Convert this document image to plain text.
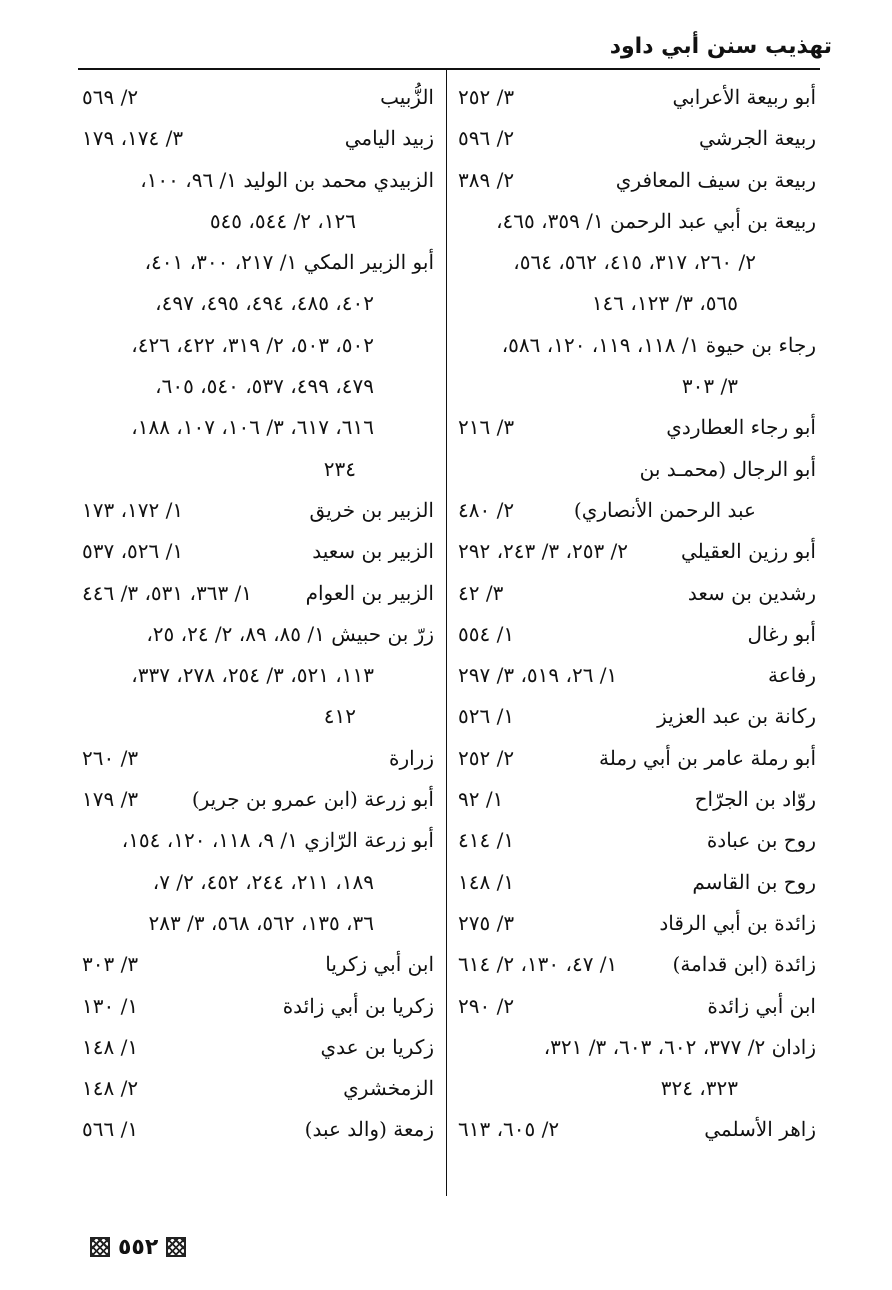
تهذيب سنن أبي داود
أبو ربيعة الأعرابي
٣/ ٢٥٢
ربيعة الجرشي
٢/ ٥٩٦
ربيعة بن سيف المعافري
٢/ ٣٨٩
ربيعة بن أبي عبد الرحمن ١/ ٣٥٩، ٤٦٥،
٢/ ٢٦٠، ٣١٧، ٤١٥، ٥٦٢، ٥٦٤،
٥٦٥، ٣/ ١٢٣، ١٤٦
رجاء بن حيوة ١/ ١١٨، ١١٩، ١٢٠، ٥٨٦،
٣/ ٣٠٣
أبو رجاء العطاردي
٣/ ٢١٦
أبو الرجال (محمـد بن
عبد الرحمن الأنصاري)
٢/ ٤٨٠
أبو رزين العقيلي
٢/ ٢٥٣، ٣/ ٢٤٣، ٢٩٢
رشدين بن سعد
٣/ ٤٢
أبو رغال
١/ ٥٥٤
رفاعة
١/ ٢٦، ٥١٩، ٣/ ٢٩٧
ركانة بن عبد العزيز
١/ ٥٢٦
أبو رملة عامر بن أبي رملة
٢/ ٢٥٢
روّاد بن الجرّاح
١/ ٩٢
روح بن عبادة
١/ ٤١٤
روح بن القاسم
١/ ١٤٨
زائدة بن أبي الرقاد
٣/ ٢٧٥
زائدة (ابن قدامة)
١/ ٤٧، ١٣٠، ٢/ ٦١٤
ابن أبي زائدة
٢/ ٢٩٠
زادان ٢/ ٣٧٧، ٦٠٢، ٦٠٣، ٣/ ٣٢١،
٣٢٣، ٣٢٤
زاهر الأسلمي
٢/ ٦٠٥، ٦١٣
الزُّبيب
٢/ ٥٦٩
زبيد اليامي
٣/ ١٧٤، ١٧٩
الزبيدي محمد بن الوليد ١/ ٩٦، ١٠٠،
١٢٦، ٢/ ٥٤٤، ٥٤٥
أبو الزبير المكي ١/ ٢١٧، ٣٠٠، ٤٠١،
٤٠٢، ٤٨٥، ٤٩٤، ٤٩٥، ٤٩٧،
٥٠٢، ٥٠٣، ٢/ ٣١٩، ٤٢٢، ٤٢٦،
٤٧٩، ٤٩٩، ٥٣٧، ٥٤٠، ٦٠٥،
٦١٦، ٦١٧، ٣/ ١٠٦، ١٠٧، ١٨٨،
٢٣٤
الزبير بن خريق
١/ ١٧٢، ١٧٣
الزبير بن سعيد
١/ ٥٢٦، ٥٣٧
الزبير بن العوام
١/ ٣٦٣، ٥٣١، ٣/ ٤٤٦
زرّ بن حبيش ١/ ٨٥، ٨٩، ٢/ ٢٤، ٢٥،
١١٣، ٥٢١، ٣/ ٢٥٤، ٢٧٨، ٣٣٧،
٤١٢
زرارة
٣/ ٢٦٠
أبو زرعة (ابن عمرو بن جرير)
٣/ ١٧٩
أبو زرعة الرّازي ١/ ٩، ١١٨، ١٢٠، ١٥٤،
١٨٩، ٢١١، ٢٤٤، ٤٥٢، ٢/ ٧،
٣٦، ١٣٥، ٥٦٢، ٥٦٨، ٣/ ٢٨٣
ابن أبي زكريا
٣/ ٣٠٣
زكريا بن أبي زائدة
١/ ١٣٠
زكريا بن عدي
١/ ١٤٨
الزمخشري
٢/ ١٤٨
زمعة (والد عبد)
١/ ٥٦٦
٥٥٢
